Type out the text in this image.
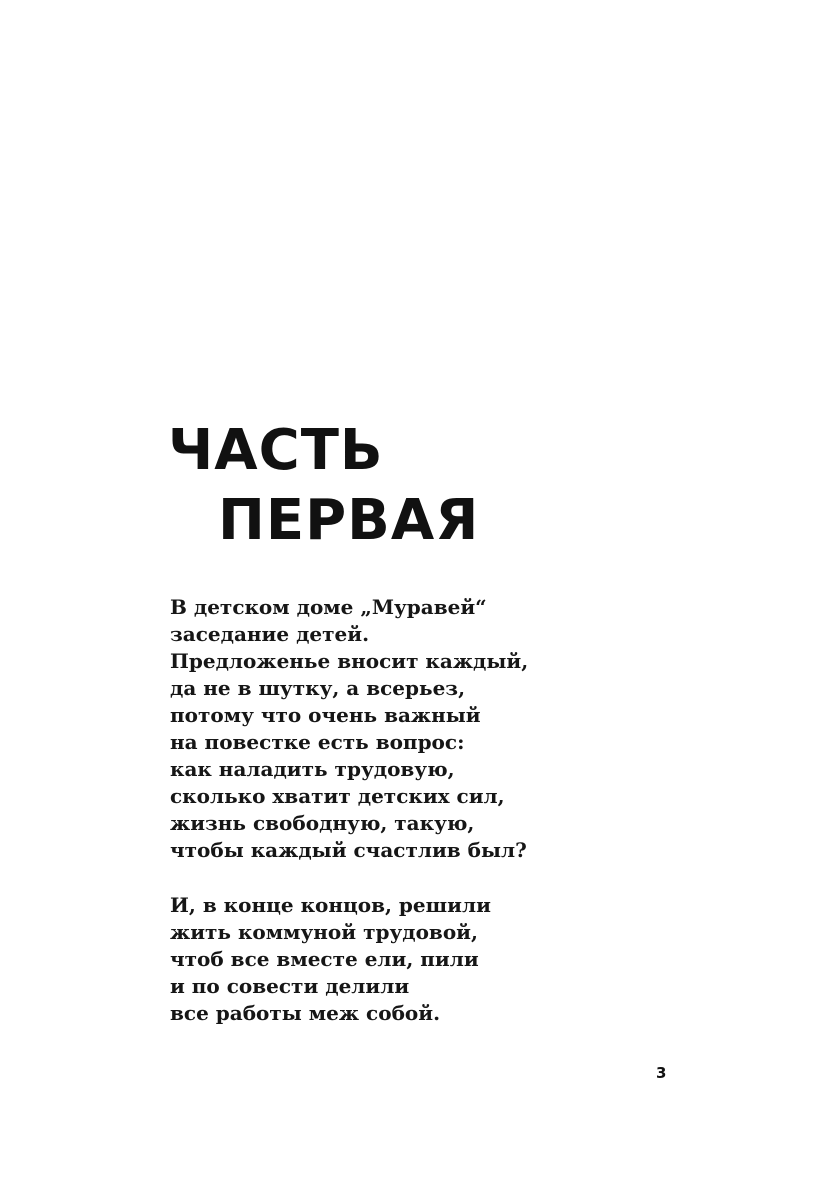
ЧАСТЬ
ПЕРВАЯ

В детском доме „Муравей“
заседание детей.
Предложенье вносит каждый,
да не в шутку, а всерьез,
потому что очень важный
на повестке есть вопрос:
как наладить трудовую,
сколько хватит детских сил,
жизнь свободную, такую,
чтобы каждый счастлив был?

И, в конце концов, решили
жить коммуной трудовой,
чтоб все вместе ели, пили
и по совести делили
все работы меж собой.

3
